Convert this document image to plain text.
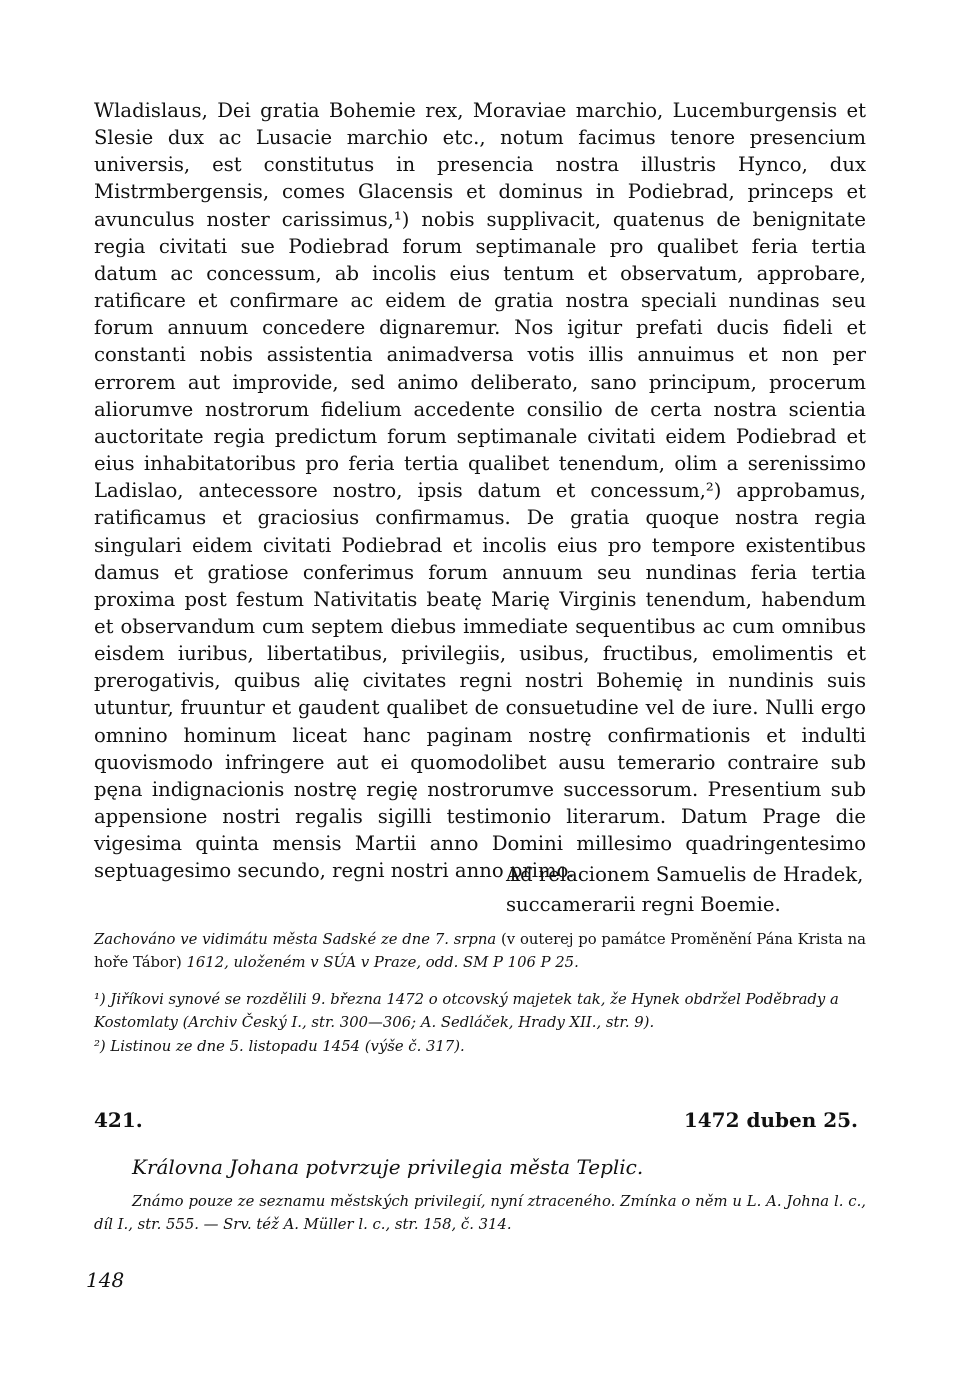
Wladislaus, Dei gratia Bohemie rex, Moraviae marchio, Lucemburgensis et Slesie dux ac Lusacie marchio etc., notum facimus tenore presencium universis, est constitutus in presencia nostra illustris Hynco, dux Mistrmbergensis, comes Glacensis et dominus in Podiebrad, princeps et avunculus noster carissimus,¹) nobis supplivacit, quatenus de benignitate regia civitati sue Podiebrad forum septimanale pro qualibet feria tertia datum ac concessum, ab incolis eius tentum et observatum, approbare, ratificare et confirmare ac eidem de gratia nostra speciali nundinas seu forum annuum concedere dignaremur. Nos igitur prefati ducis fideli et constanti nobis assistentia animadversa votis illis annuimus et non per errorem aut improvide, sed animo deliberato, sano principum, procerum aliorumve nostrorum fidelium accedente consilio de certa nostra scientia auctoritate regia predictum forum septimanale civitati eidem Podiebrad et eius inhabitatoribus pro feria tertia qualibet tenendum, olim a serenissimo Ladislao, antecessore nostro, ipsis datum et concessum,²) approbamus, ratificamus et graciosius confirmamus. De gratia quoque nostra regia singulari eidem civitati Podiebrad et incolis eius pro tempore existentibus damus et gratiose conferimus forum annuum seu nundinas feria tertia proxima post festum Nativitatis beatę Marię Virginis tenendum, habendum et observandum cum septem diebus immediate sequentibus ac cum omnibus eisdem iuribus, libertatibus, privilegiis, usibus, fructibus, emolimentis et prerogativis, quibus alię civitates regni nostri Bohemię in nundinis suis utuntur, fruuntur et gaudent qualibet de consuetudine vel de iure. Nulli ergo omnino hominum liceat hanc paginam nostrę confirmationis et indulti quovismodo infringere aut ei quomodolibet ausu temerario contraire sub pęna indignacionis nostrę regię nostrorumve successorum. Presentium sub appensione nostri regalis sigilli testimonio literarum. Datum Prage die vigesima quinta mensis Martii anno Domini millesimo quadringentesimo septuagesimo secundo, regni nostri anno primo.

Ad relacionem Samuelis de Hradek,
succamerarii regni Boemie.

Zachováno ve vidimátu města Sadské ze dne 7. srpna (v outerej po památce Proměnění Pána Krista na hoře Tábor) 1612, uloženém v SÚA v Praze, odd. SM P 106 P 25.

¹) Jiříkovi synové se rozdělili 9. března 1472 o otcovský majetek tak, že Hynek obdržel Poděbrady a Kostomlaty (Archiv Český I., str. 300—306; A. Sedláček, Hrady XII., str. 9).

²) Listinou ze dne 5. listopadu 1454 (výše č. 317).

421.	1472 duben 25.
Královna Johana potvrzuje privilegia města Teplic.

Známo pouze ze seznamu městských privilegií, nyní ztraceného. Zmínka o něm u L. A. Johna l. c., díl I., str. 555. — Srv. též A. Müller l. c., str. 158, č. 314.

148
